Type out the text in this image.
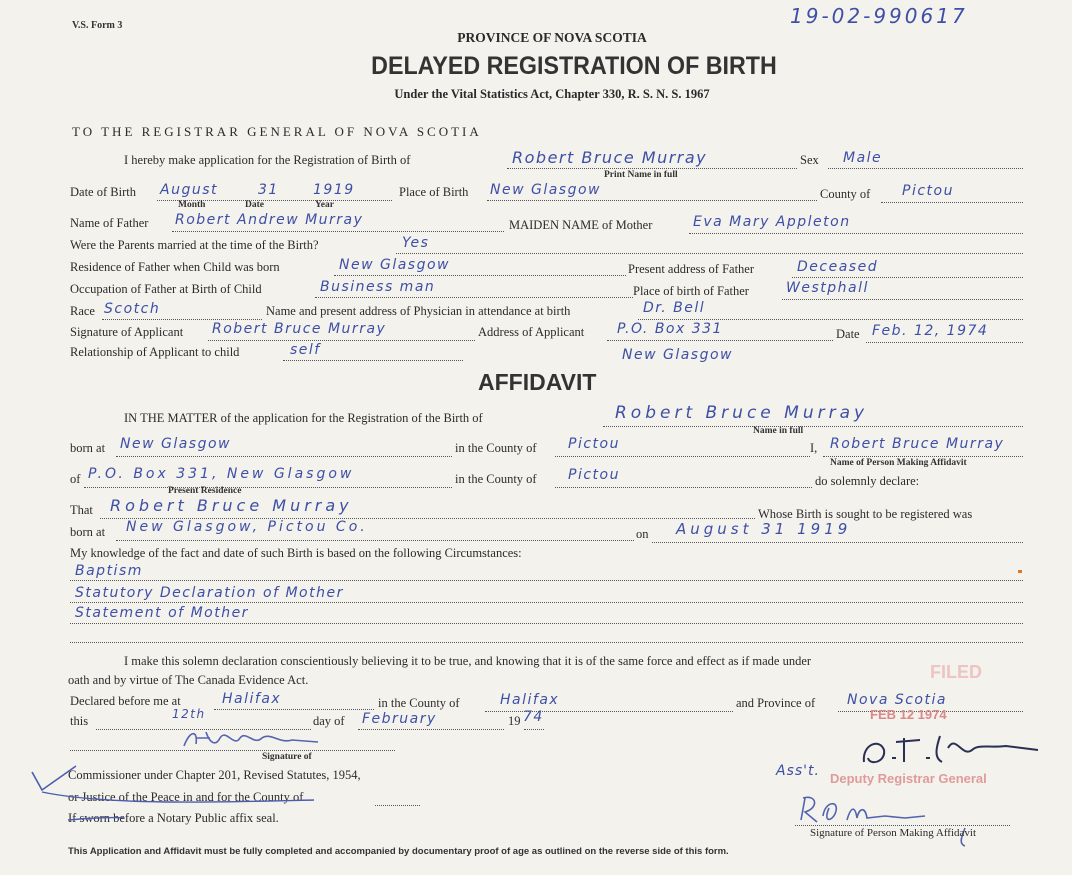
V.S. Form 3	19-02-990617
PROVINCE OF NOVA SCOTIA
DELAYED REGISTRATION OF BIRTH
Under the Vital Statistics Act, Chapter 330, R. S. N. S. 1967
TO THE REGISTRAR GENERAL OF NOVA SCOTIA
I hereby make application for the Registration of Birth of	Robert Bruce Murray	Sex Male
Print Name in full
Date of Birth August	31 1919
Month	Date	Year
Place of Birth New Glasgow	County of Pictou
Name of Father Robert Andrew Murray	MAIDEN NAME of Mother	Eva Mary Appleton
Were the Parents married at the time of the Birth?	Yes
Residence of Father when Child was born	New Glasgow	Present address of Father	Deceased
Occupation of Father at Birth of Child	Business man	Place of birth of Father	Westphall
Race Scotch	Name and present address of Physician in attendance at birth	Dr. Bell
Signature of Applicant Robert Bruce Murray	Address of Applicant P.O. Box 331	Date Feb. 12, 1974
Relationship of Applicant to child	self	New Glasgow
AFFIDAVIT
IN THE MATTER of the application for the Registration of the Birth of	Robert Bruce Murray
Name in full
born at New Glasgow	in the County of Pictou	I, Robert Bruce Murray
Name of Person Making Affidavit
of P.O. Box 331, New Glasgow
Present Residence
in the County of Pictou	do solemnly declare:
That Robert Bruce Murray	Whose Birth is sought to be registered was
born at New Glasgow, Pictou Co.	on August 31 1919
My knowledge of the fact and date of such Birth is based on the following Circumstances:
Baptism
Statutory Declaration of Mother
Statement of Mother
I make this solemn declaration conscientiously believing it to be true, and knowing that it is of the same force and effect as if made under
oath and by virtue of The Canada Evidence Act.
Declared before me at	Halifax	in the County of	Halifax	and Province of Nova Scotia
this	12th	day of February	19 74
Signature of
Commissioner under Chapter 201, Revised Statutes, 1954,
or Justice of the Peace in and for the County of
If sworn before a Notary Public affix seal.
FILED
FEB 12 1974
Ass't. Deputy Registrar General
Signature of Person Making Affidavit
This Application and Affidavit must be fully completed and accompanied by documentary proof of age as outlined on the reverse side of this form.
